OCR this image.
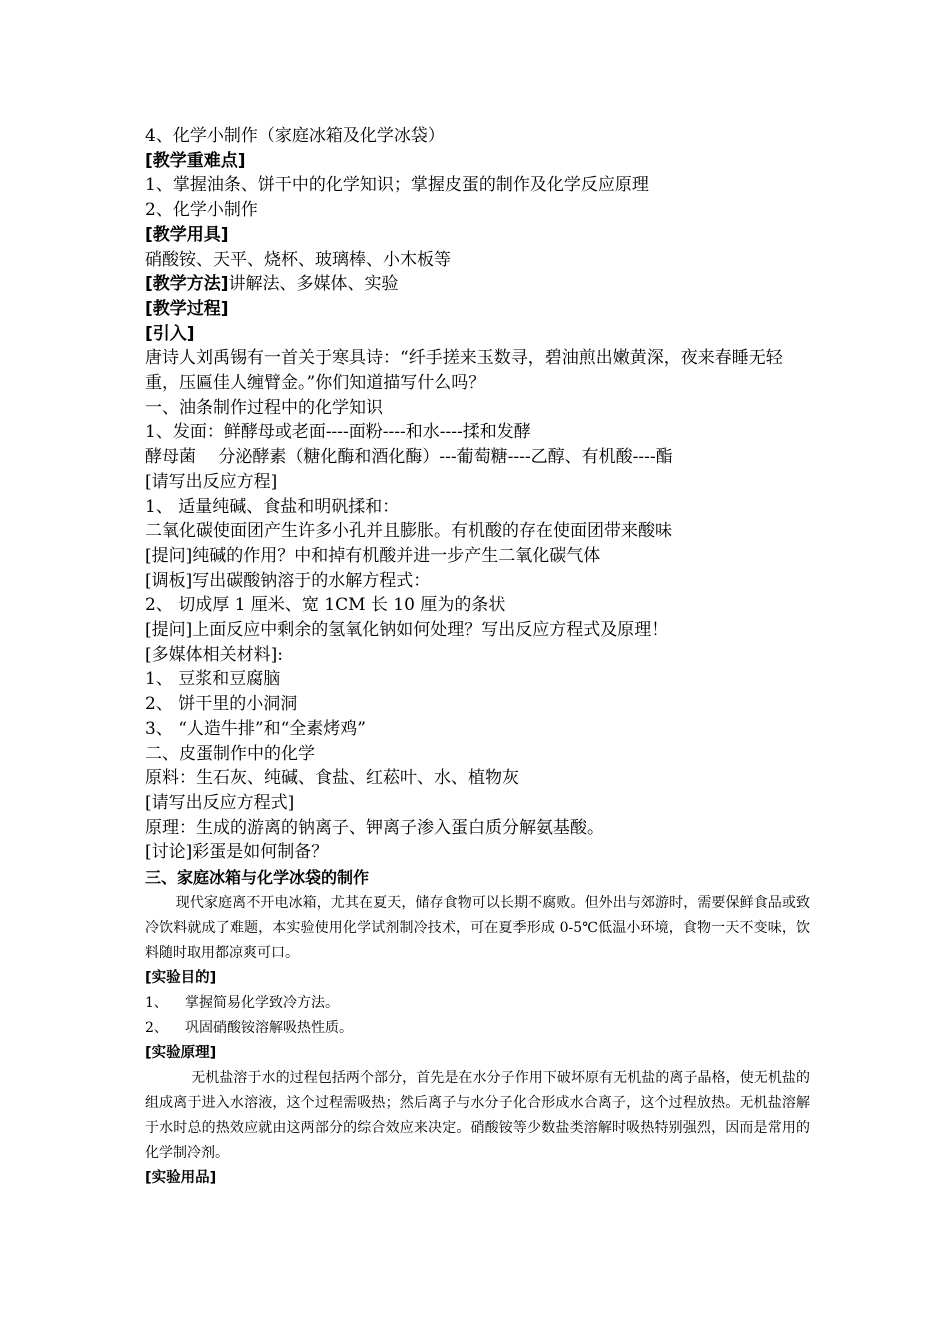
4、化学小制作（家庭冰箱及化学冰袋）
[教学重难点]
1、掌握油条、饼干中的化学知识；掌握皮蛋的制作及化学反应原理
2、化学小制作
[教学用具]
硝酸铵、天平、烧杯、玻璃棒、小木板等
[教学方法]讲解法、多媒体、实验
[教学过程]
[引入]
唐诗人刘禹锡有一首关于寒具诗：“纤手搓来玉数寻，碧油煎出嫩黄深，夜来春睡无轻重，压匾佳人缠臂金。”你们知道描写什么吗？
一、油条制作过程中的化学知识
1、发面：鲜酵母或老面----面粉----和水----揉和发酵
酵母菌　 分泌酵素（糖化酶和酒化酶）---葡萄糖----乙醇、有机酸----酯
[请写出反应方程]
1、 适量纯碱、食盐和明矾揉和：
二氧化碳使面团产生许多小孔并且膨胀。有机酸的存在使面团带来酸味
[提问]纯碱的作用？中和掉有机酸并进一步产生二氧化碳气体
[调板]写出碳酸钠溶于的水解方程式：
2、 切成厚 1 厘米、宽 1CM 长 10 厘为的条状
[提问]上面反应中剩余的氢氧化钠如何处理？写出反应方程式及原理！
[多媒体相关材料]:
1、 豆浆和豆腐脑
2、 饼干里的小洞洞
3、 “人造牛排”和“全素烤鸡”
二、皮蛋制作中的化学
原料：生石灰、纯碱、食盐、红菘叶、水、植物灰
[请写出反应方程式]
原理：生成的游离的钠离子、钾离子渗入蛋白质分解氨基酸。
[讨论]彩蛋是如何制备？
三、家庭冰箱与化学冰袋的制作
现代家庭离不开电冰箱，尤其在夏天，储存食物可以长期不腐败。但外出与郊游时，需要保鲜食品或致冷饮料就成了难题，本实验使用化学试剂制冷技术，可在夏季形成 0-5℃低温小环境，食物一天不变味，饮料随时取用都凉爽可口。
[实验目的]
1、 掌握简易化学致冷方法。
2、 巩固硝酸铵溶解吸热性质。
[实验原理]
无机盐溶于水的过程包括两个部分，首先是在水分子作用下破坏原有无机盐的离子晶格，使无机盐的组成离于进入水溶液，这个过程需吸热；然后离子与水分子化合形成水合离子，这个过程放热。无机盐溶解于水时总的热效应就由这两部分的综合效应来决定。硝酸铵等少数盐类溶解时吸热特别强烈，因而是常用的化学制冷剂。
[实验用品]
